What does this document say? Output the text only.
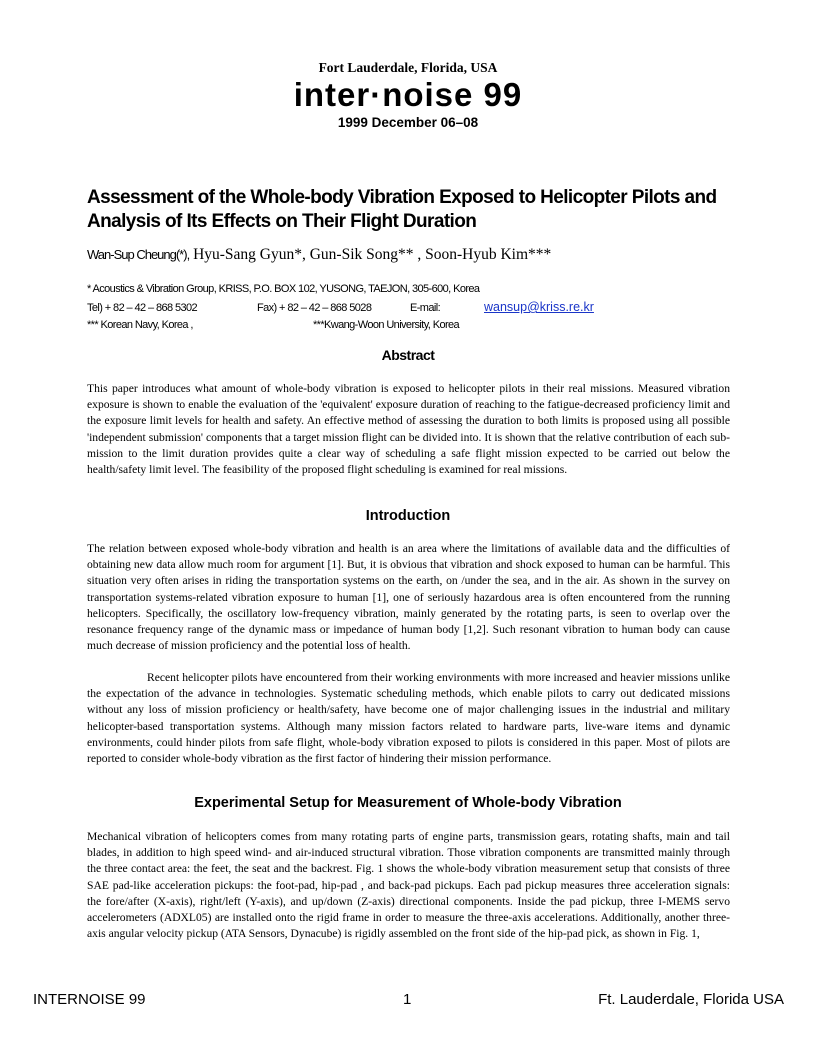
Fort Lauderdale, Florida, USA
inter·noise 99
1999 December 06–08
Assessment of the Whole-body Vibration Exposed to Helicopter Pilots and Analysis of Its Effects on Their Flight Duration
Wan-Sup Cheung(*), Hyu-Sang Gyun*, Gun-Sik Song** , Soon-Hyub Kim***
* Acoustics & Vibration Group, KRISS, P.O. BOX 102, YUSONG, TAEJON, 305-600, Korea
Tel) + 82 – 42 – 868 5302	Fax) + 82 – 42 – 868 5028	E-mail:	wansup@kriss.re.kr
*** Korean Navy, Korea ,	***Kwang-Woon University, Korea
Abstract
This paper introduces what amount of whole-body vibration is exposed to helicopter pilots in their real missions. Measured vibration exposure is shown to enable the evaluation of the 'equivalent' exposure duration of reaching to the fatigue-decreased proficiency limit and the exposure limit levels for health and safety. An effective method of assessing the duration to both limits is proposed using all possible 'independent submission' components that a target mission flight can be divided into. It is shown that the relative contribution of each sub-mission to the limit duration provides quite a clear way of scheduling a safe flight mission expected to be carried out below the health/safety limit level. The feasibility of the proposed flight scheduling is examined for real missions.
Introduction
The relation between exposed whole-body vibration and health is an area where the limitations of available data and the difficulties of obtaining new data allow much room for argument [1]. But, it is obvious that vibration and shock exposed to human can be harmful. This situation very often arises in riding the transportation systems on the earth, on /under the sea, and in the air. As shown in the survey on transportation systems-related vibration exposure to human [1], one of seriously hazardous area is often encountered from the running helicopters. Specifically, the oscillatory low-frequency vibration, mainly generated by the rotating parts, is seen to overlap over the resonance frequency range of the dynamic mass or impedance of human body [1,2]. Such resonant vibration to human body can cause much decrease of mission proficiency and the potential loss of health.
Recent helicopter pilots have encountered from their working environments with more increased and heavier missions unlike the expectation of the advance in technologies. Systematic scheduling methods, which enable pilots to carry out dedicated missions without any loss of mission proficiency or health/safety, have become one of major challenging issues in the industrial and military helicopter-based transportation systems. Although many mission factors related to hardware parts, live-ware items and dynamic environments, could hinder pilots from safe flight, whole-body vibration exposed to pilots is considered in this paper. Most of pilots are reported to consider whole-body vibration as the first factor of hindering their mission performance.
Experimental Setup for Measurement of Whole-body Vibration
Mechanical vibration of helicopters comes from many rotating parts of engine parts, transmission gears, rotating shafts, main and tail blades, in addition to high speed wind- and air-induced structural vibration. Those vibration components are transmitted mainly through the three contact area: the feet, the seat and the backrest. Fig. 1 shows the whole-body vibration measurement setup that consists of three SAE pad-like acceleration pickups: the foot-pad, hip-pad , and back-pad pickups. Each pad pickup measures three acceleration signals: the fore/after (X-axis), right/left (Y-axis), and up/down (Z-axis) directional components. Inside the pad pickup, three I-MEMS servo accelerometers (ADXL05) are installed onto the rigid frame in order to measure the three-axis accelerations. Additionally, another three-axis angular velocity pickup (ATA Sensors, Dynacube) is rigidly assembled on the front side of the hip-pad pick, as shown in Fig. 1,
INTERNOISE 99	1	Ft. Lauderdale, Florida USA
